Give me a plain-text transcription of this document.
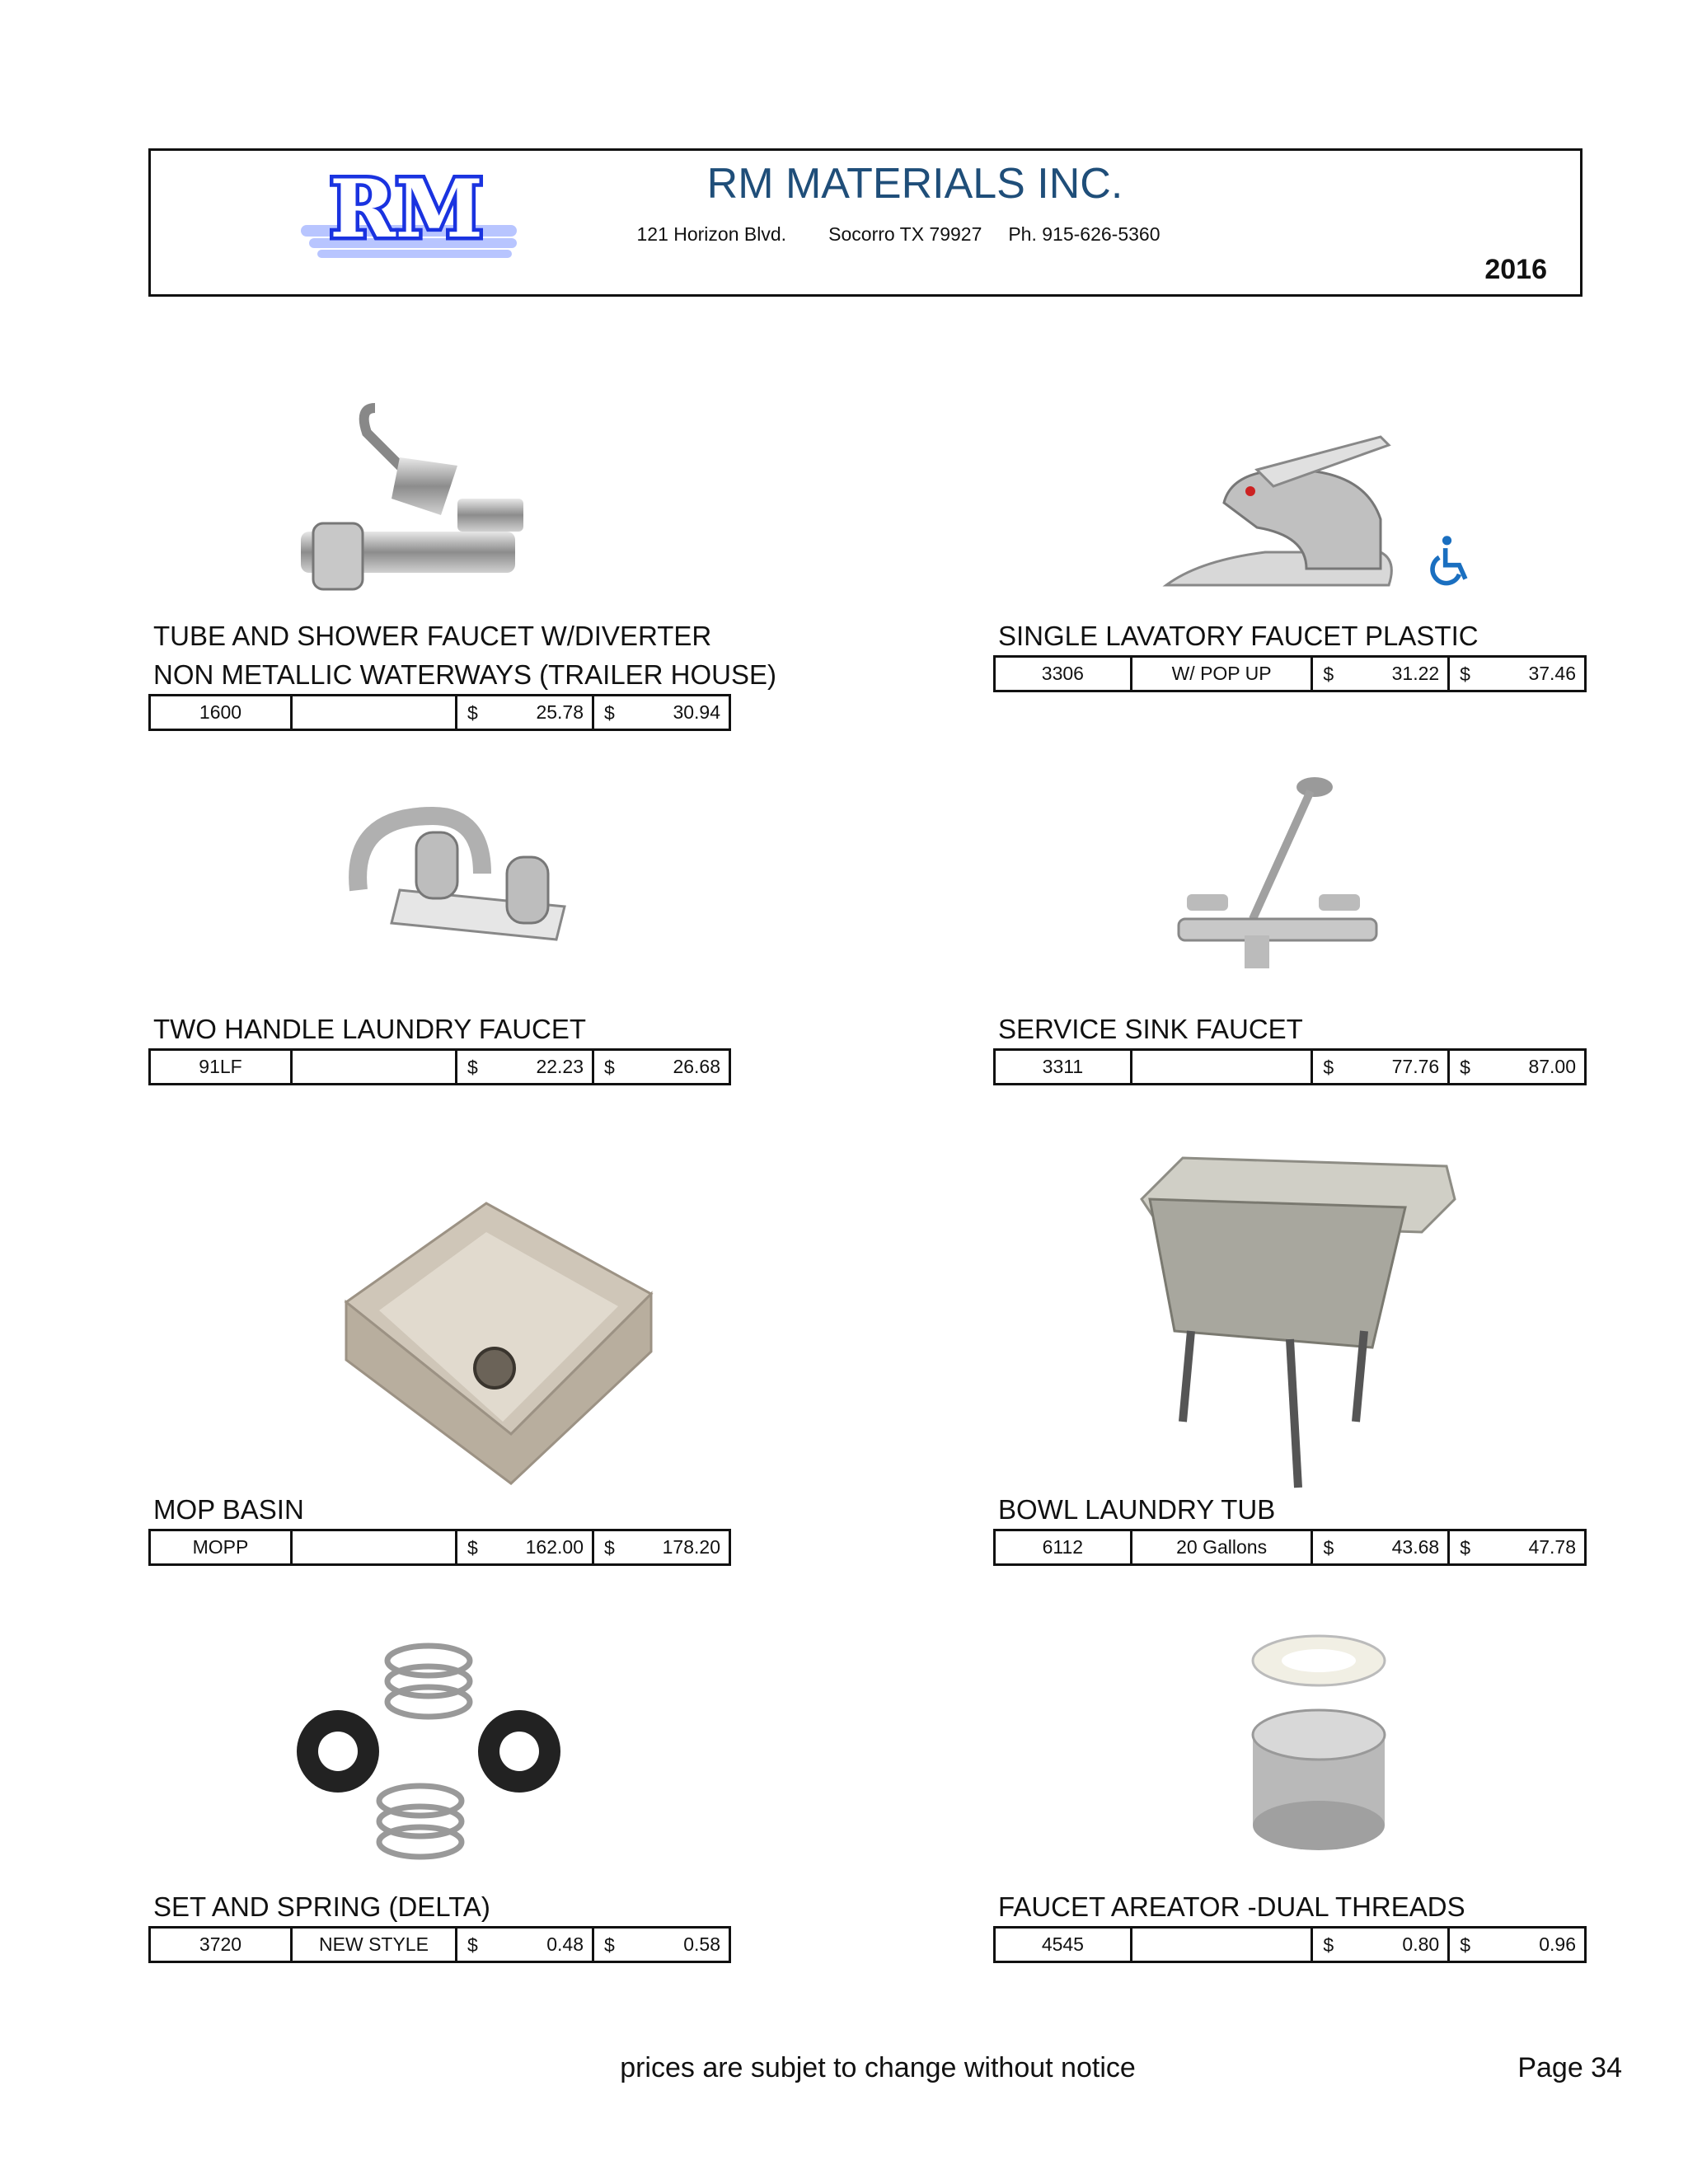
RM	RM MATERIALS INC.
121 Horizon Blvd.        Socorro TX 79927     Ph. 915-626-5360
2016
TUBE AND SHOWER FAUCET W/DIVERTER
NON METALLIC WATERWAYS (TRAILER HOUSE)
1600		$	25.78	$	30.94
SINGLE LAVATORY FAUCET PLASTIC
3306	W/ POP UP	$	31.22	$	37.46
TWO HANDLE LAUNDRY FAUCET
91LF		$	22.23	$	26.68
SERVICE SINK FAUCET
3311		$	77.76	$	87.00
MOP BASIN
MOPP		$	162.00	$	178.20
BOWL LAUNDRY TUB
6112	20 Gallons	$	43.68	$	47.78
SET AND SPRING (DELTA)
3720	NEW STYLE	$	0.48	$	0.58
FAUCET AREATOR -DUAL THREADS
4545		$	0.80	$	0.96
prices are subjet to change without notice	Page 34
